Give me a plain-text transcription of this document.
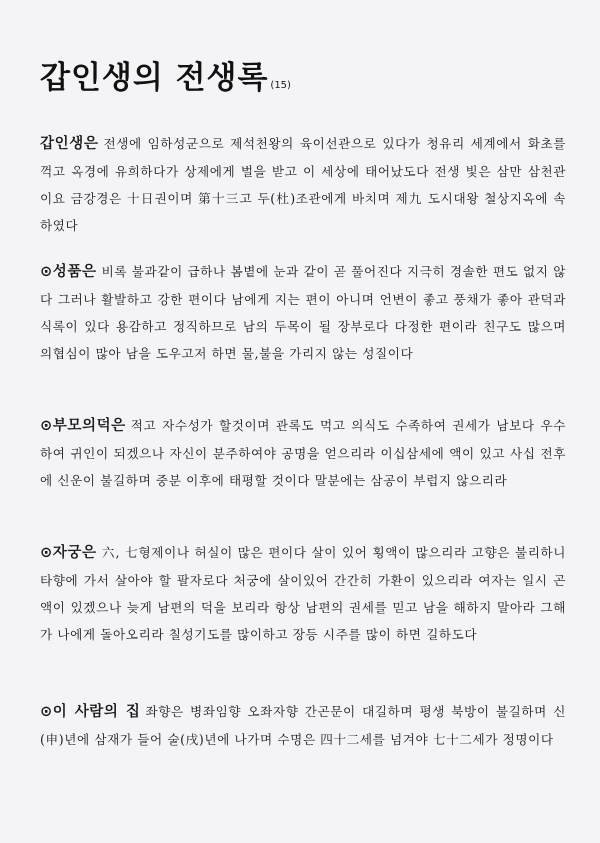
갑인생의 전생록 (15)

갑인생은 전생에 임하성군으로 제석천왕의 육이선관으로 있다가 청유리 세계에서 화초를 꺽고 옥경에 유희하다가 상제에게 벌을 받고 이 세상에 태어났도다 전생 빛은 삼만 삼천관이요 금강경은 十日권이며 第十三고 두(杜)조관에게 바치며 제九 도시대왕 철상지옥에 속하였다

⊙성품은 비록 불과같이 급하나 봄볕에 눈과 같이 곧 풀어진다 지극히 경솔한 편도 없지 않다 그러나 활발하고 강한 편이다 남에게 지는 편이 아니며 언변이 좋고 풍채가 좋아 관덕과 식록이 있다 용감하고 정직하므로 남의 두목이 될 장부로다 다정한 편이라 친구도 많으며 의협심이 많아 남을 도우고저 하면 물,불을 가리지 않는 성질이다

⊙부모의덕은 적고 자수성가 할것이며 관록도 먹고 의식도 수족하여 권세가 남보다 우수하여 귀인이 되겠으나 자신이 분주하여야 공명을 얻으리라 이십삼세에 액이 있고 사십 전후에 신운이 불길하며 중분 이후에 태평할 것이다 말분에는 삼공이 부럽지 않으리라

⊙자궁은 六, 七형제이나 허실이 많은 편이다 살이 있어 횡액이 많으리라 고향은 불리하니 타향에 가서 살아야 할 팔자로다 처궁에 살이있어 간간히 가환이 있으리라 여자는 일시 곤액이 있겠으나 늦게 남편의 덕을 보리라 항상 남편의 권세를 믿고 남을 해하지 말아라 그해가 나에게 돌아오리라 칠성기도를 많이하고 장등 시주를 많이 하면 길하도다

⊙이 사람의 집 좌향은 병좌임향 오좌자향 간곤문이 대길하며 평생 북방이 불길하며 신(申)년에 삼재가 들어 술(戌)년에 나가며 수명은 四十二세를 넘겨야 七十二세가 정명이다
